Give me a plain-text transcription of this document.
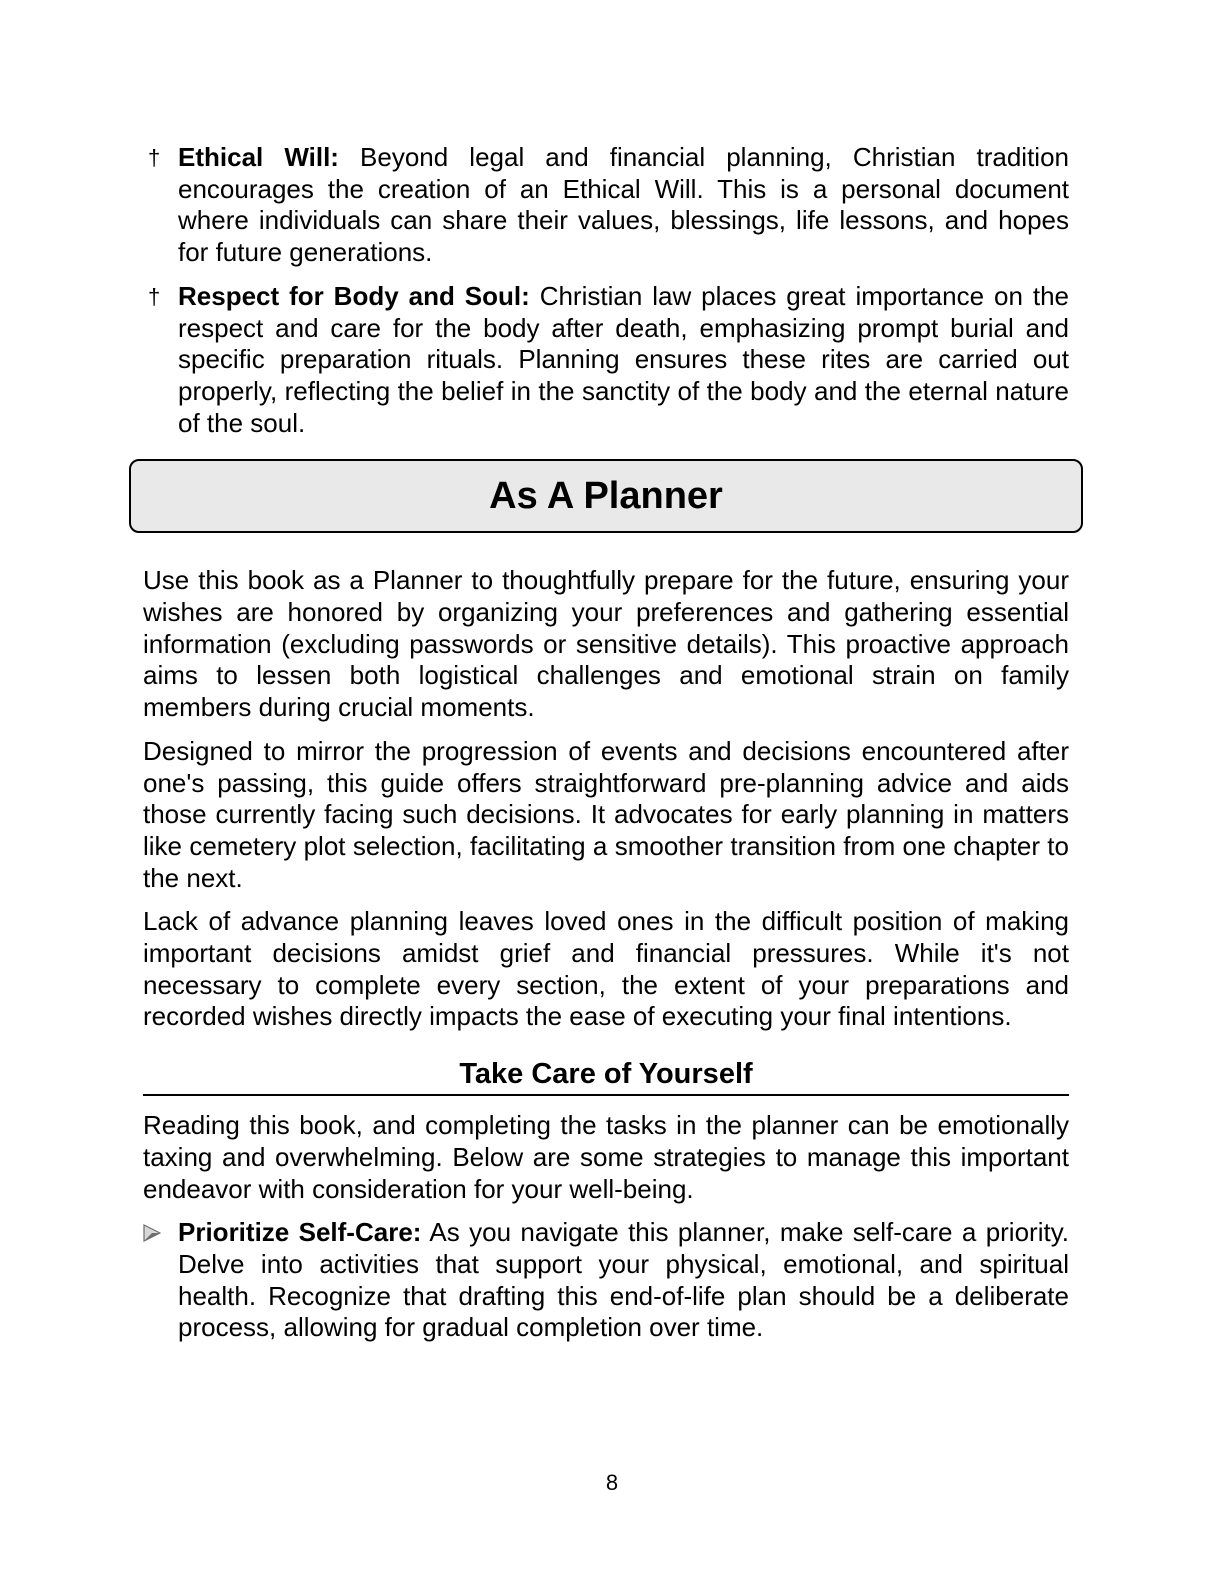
† Ethical Will: Beyond legal and financial planning, Christian tradition encourages the creation of an Ethical Will. This is a personal document where individuals can share their values, blessings, life lessons, and hopes for future generations.

† Respect for Body and Soul: Christian law places great importance on the respect and care for the body after death, emphasizing prompt burial and specific preparation rituals. Planning ensures these rites are carried out properly, reflecting the belief in the sanctity of the body and the eternal nature of the soul.

As A Planner

Use this book as a Planner to thoughtfully prepare for the future, ensuring your wishes are honored by organizing your preferences and gathering essential information (excluding passwords or sensitive details). This proactive approach aims to lessen both logistical challenges and emotional strain on family members during crucial moments.

Designed to mirror the progression of events and decisions encountered after one's passing, this guide offers straightforward pre-planning advice and aids those currently facing such decisions. It advocates for early planning in matters like cemetery plot selection, facilitating a smoother transition from one chapter to the next.

Lack of advance planning leaves loved ones in the difficult position of making important decisions amidst grief and financial pressures. While it's not necessary to complete every section, the extent of your preparations and recorded wishes directly impacts the ease of executing your final intentions.

Take Care of Yourself

Reading this book, and completing the tasks in the planner can be emotionally taxing and overwhelming. Below are some strategies to manage this important endeavor with consideration for your well-being.

Prioritize Self-Care: As you navigate this planner, make self-care a priority. Delve into activities that support your physical, emotional, and spiritual health. Recognize that drafting this end-of-life plan should be a deliberate process, allowing for gradual completion over time.

8
